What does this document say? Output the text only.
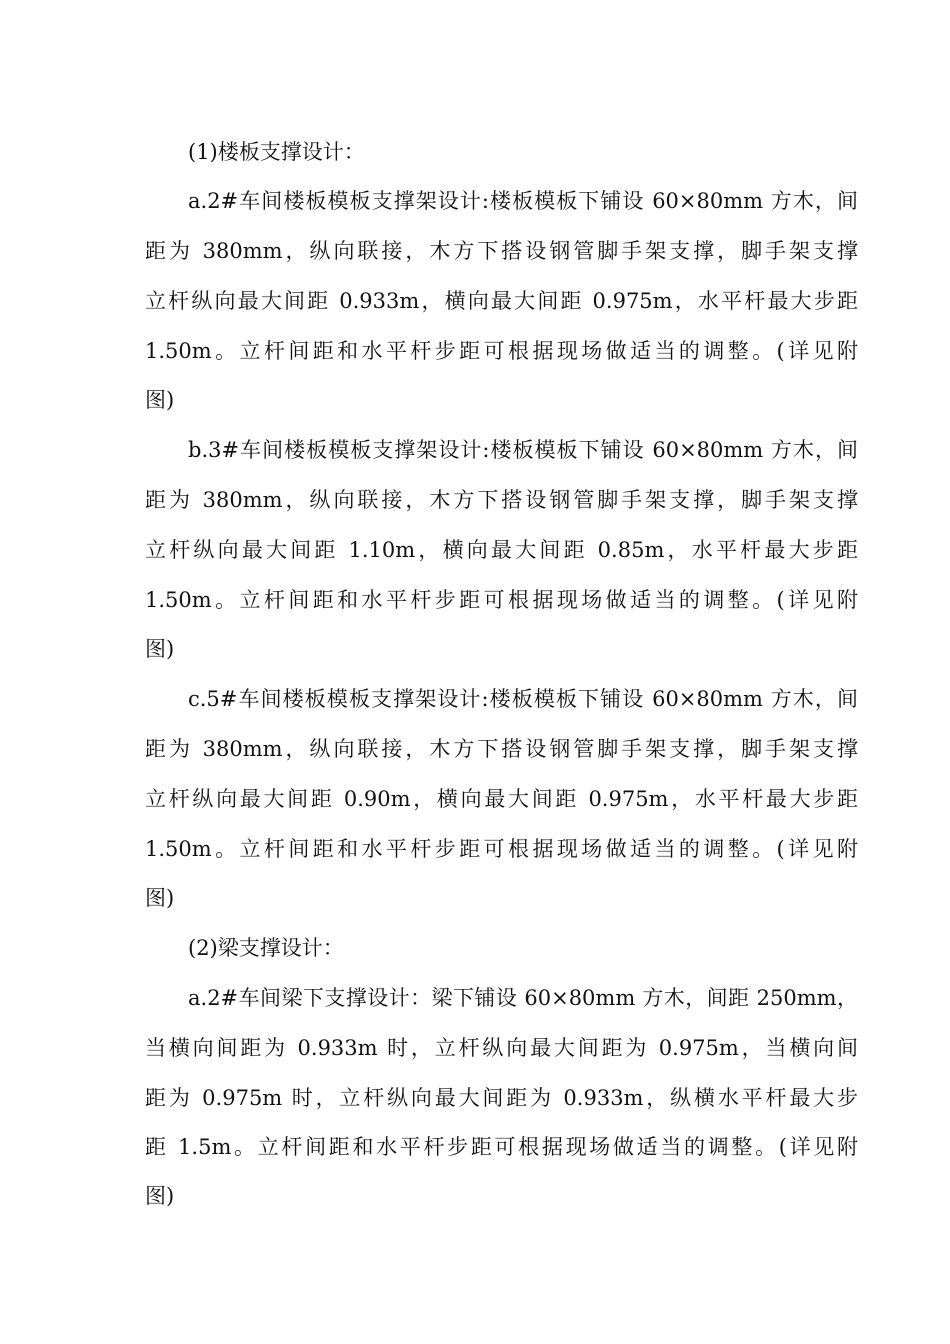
(1)楼板支撑设计：
a.2#车间楼板模板支撑架设计:楼板模板下铺设 60×80mm 方木，间
距为 380mm，纵向联接，木方下搭设钢管脚手架支撑，脚手架支撑
立杆纵向最大间距 0.933m，横向最大间距 0.975m，水平杆最大步距
1.50m。立杆间距和水平杆步距可根据现场做适当的调整。(详见附
图)
b.3#车间楼板模板支撑架设计:楼板模板下铺设 60×80mm 方木，间
距为 380mm，纵向联接，木方下搭设钢管脚手架支撑，脚手架支撑
立杆纵向最大间距 1.10m，横向最大间距 0.85m，水平杆最大步距
1.50m。立杆间距和水平杆步距可根据现场做适当的调整。(详见附
图)
c.5#车间楼板模板支撑架设计:楼板模板下铺设 60×80mm 方木，间
距为 380mm，纵向联接，木方下搭设钢管脚手架支撑，脚手架支撑
立杆纵向最大间距 0.90m，横向最大间距 0.975m，水平杆最大步距
1.50m。立杆间距和水平杆步距可根据现场做适当的调整。(详见附
图)
(2)梁支撑设计：
a.2#车间梁下支撑设计：梁下铺设 60×80mm 方木，间距 250mm，
当横向间距为 0.933m 时，立杆纵向最大间距为 0.975m，当横向间
距为 0.975m 时，立杆纵向最大间距为 0.933m，纵横水平杆最大步
距 1.5m。立杆间距和水平杆步距可根据现场做适当的调整。(详见附
图)
